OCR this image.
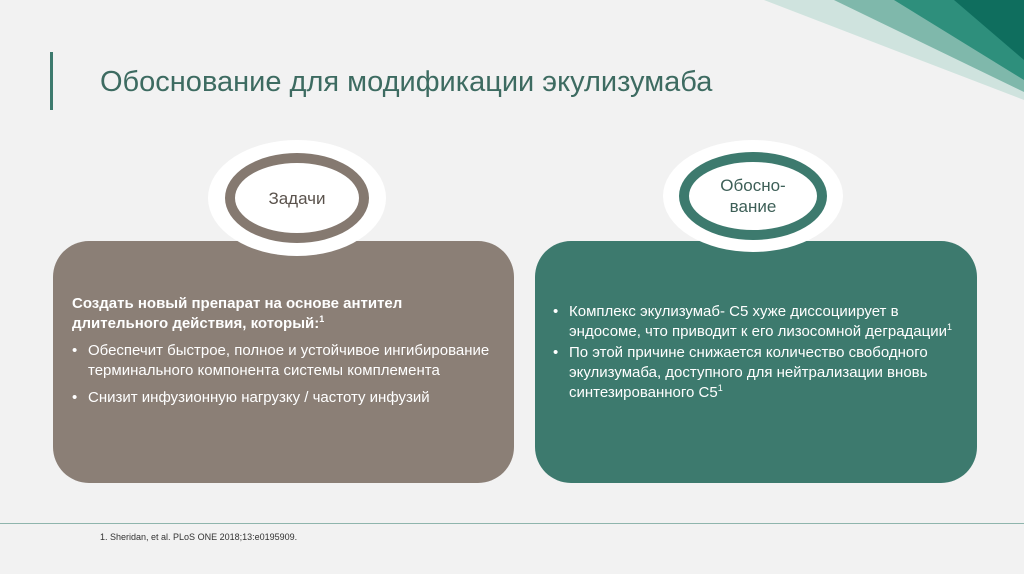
Обоснование для модификации экулизумаба
Задачи

Создать новый препарат на основе антител длительного действия, который:$^1$

• Обеспечит быстрое, полное и устойчивое ингибирование терминального компонента системы комплемента
• Снизит инфузионную нагрузку / частоту инфузий
Обосно-
вание
• Комплекс экулизумаб- C5 хуже диссоциирует в эндосоме, что приводит к его лизосомной деградации$^1$
• По этой причине снижается количество свободного экулизумаба, доступного для нейтрализации вновь синтезированного $C5^1$
1. Sheridan, et al. PLoS ONE 2018;13:e0195909.
